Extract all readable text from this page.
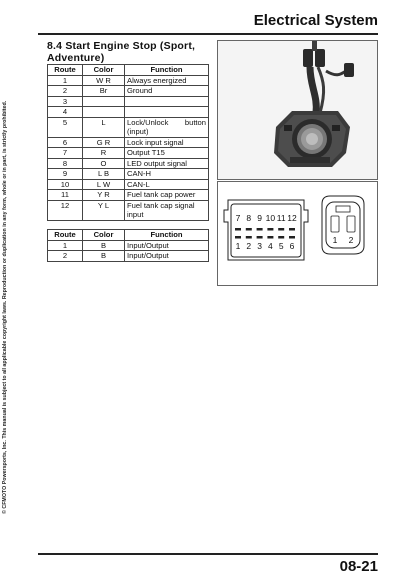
Electrical System
© CFMOTO Powersports, Inc. This manual is subject to all applicable copyright laws. Reproduction or duplication in any form, whole or in part, is strictly prohibited.
8.4 Start Engine Stop (Sport, Adventure)
Route	Color	Function
1	W R	Always energized
2	Br	Ground
3		
4		
5	L	Lock/Unlock button (input)
6	G R	Lock input signal
7	R	Output T15
8	O	LED output signal
9	L B	CAN-H
10	L W	CAN-L
11	Y R	Fuel tank cap power
12	Y L	Fuel tank cap signal input
Route	Color	Function
1	B	Input/Output
2	B	Input/Output
7 8 9 10 11 12
1 2 3 4 5 6
1 2
08-21
